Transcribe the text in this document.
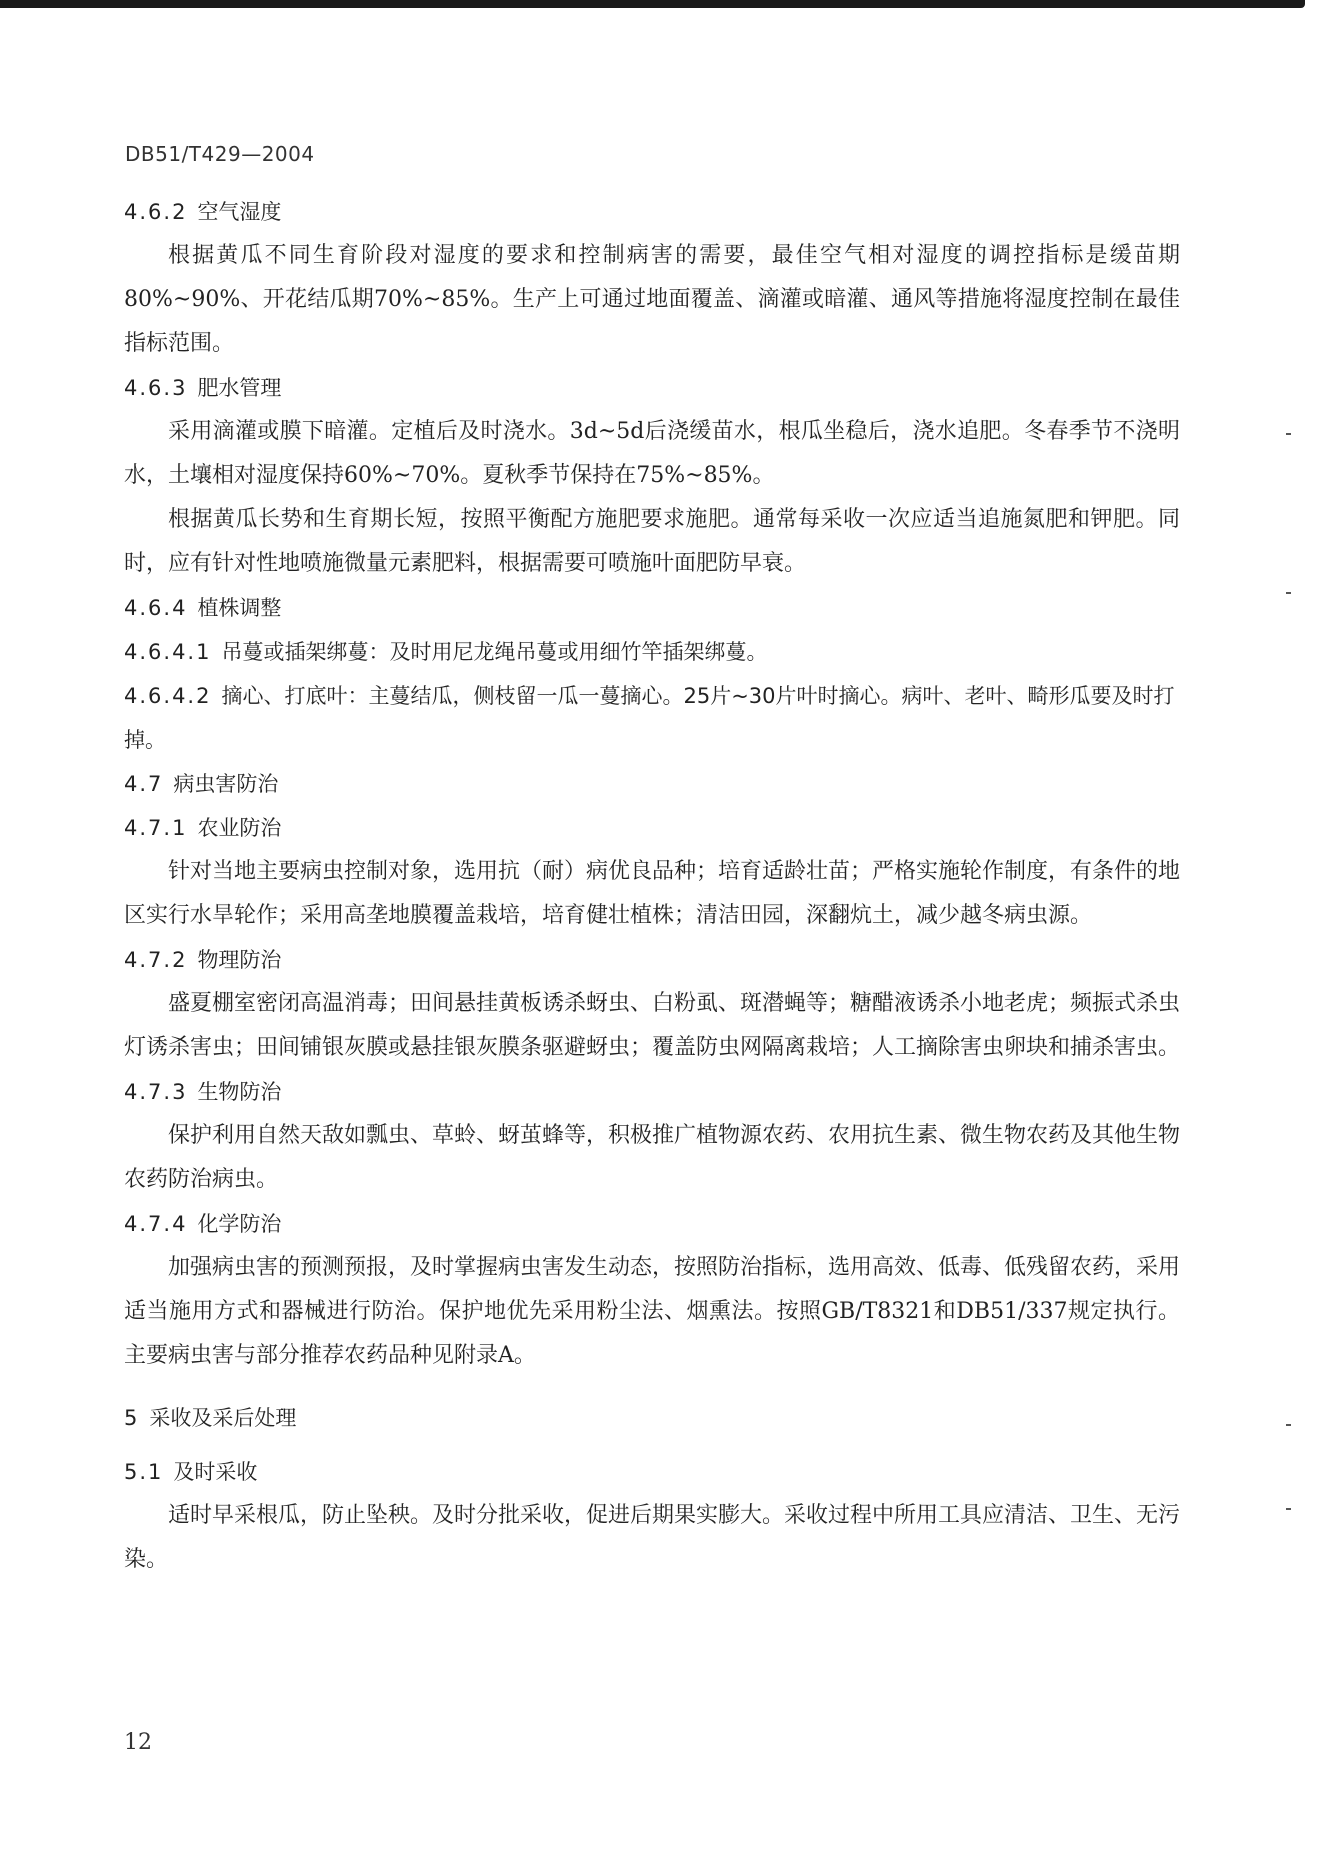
DB51/T429—2004
4.6.2 空气湿度

根据黄瓜不同生育阶段对湿度的要求和控制病害的需要，最佳空气相对湿度的调控指标是缓苗期80%~90%、开花结瓜期70%~85%。生产上可通过地面覆盖、滴灌或暗灌、通风等措施将湿度控制在最佳指标范围。

4.6.3 肥水管理

采用滴灌或膜下暗灌。定植后及时浇水。3d~5d后浇缓苗水，根瓜坐稳后，浇水追肥。冬春季节不浇明水，土壤相对湿度保持60%~70%。夏秋季节保持在75%~85%。

根据黄瓜长势和生育期长短，按照平衡配方施肥要求施肥。通常每采收一次应适当追施氮肥和钾肥。同时，应有针对性地喷施微量元素肥料，根据需要可喷施叶面肥防早衰。

4.6.4 植株调整
4.6.4.1 吊蔓或插架绑蔓：及时用尼龙绳吊蔓或用细竹竿插架绑蔓。
4.6.4.2 摘心、打底叶：主蔓结瓜，侧枝留一瓜一蔓摘心。25片~30片叶时摘心。病叶、老叶、畸形瓜要及时打掉。
4.7 病虫害防治
4.7.1 农业防治

针对当地主要病虫控制对象，选用抗（耐）病优良品种；培育适龄壮苗；严格实施轮作制度，有条件的地区实行水旱轮作；采用高垄地膜覆盖栽培，培育健壮植株；清洁田园，深翻炕土，减少越冬病虫源。

4.7.2 物理防治

盛夏棚室密闭高温消毒；田间悬挂黄板诱杀蚜虫、白粉虱、斑潜蝇等；糖醋液诱杀小地老虎；频振式杀虫灯诱杀害虫；田间铺银灰膜或悬挂银灰膜条驱避蚜虫；覆盖防虫网隔离栽培；人工摘除害虫卵块和捕杀害虫。

4.7.3 生物防治

保护利用自然天敌如瓢虫、草蛉、蚜茧蜂等，积极推广植物源农药、农用抗生素、微生物农药及其他生物农药防治病虫。

4.7.4 化学防治

加强病虫害的预测预报，及时掌握病虫害发生动态，按照防治指标，选用高效、低毒、低残留农药，采用适当施用方式和器械进行防治。保护地优先采用粉尘法、烟熏法。按照GB/T8321和DB51/337规定执行。主要病虫害与部分推荐农药品种见附录A。

5 采收及采后处理
5.1 及时采收

适时早采根瓜，防止坠秧。及时分批采收，促进后期果实膨大。采收过程中所用工具应清洁、卫生、无污染。

12
